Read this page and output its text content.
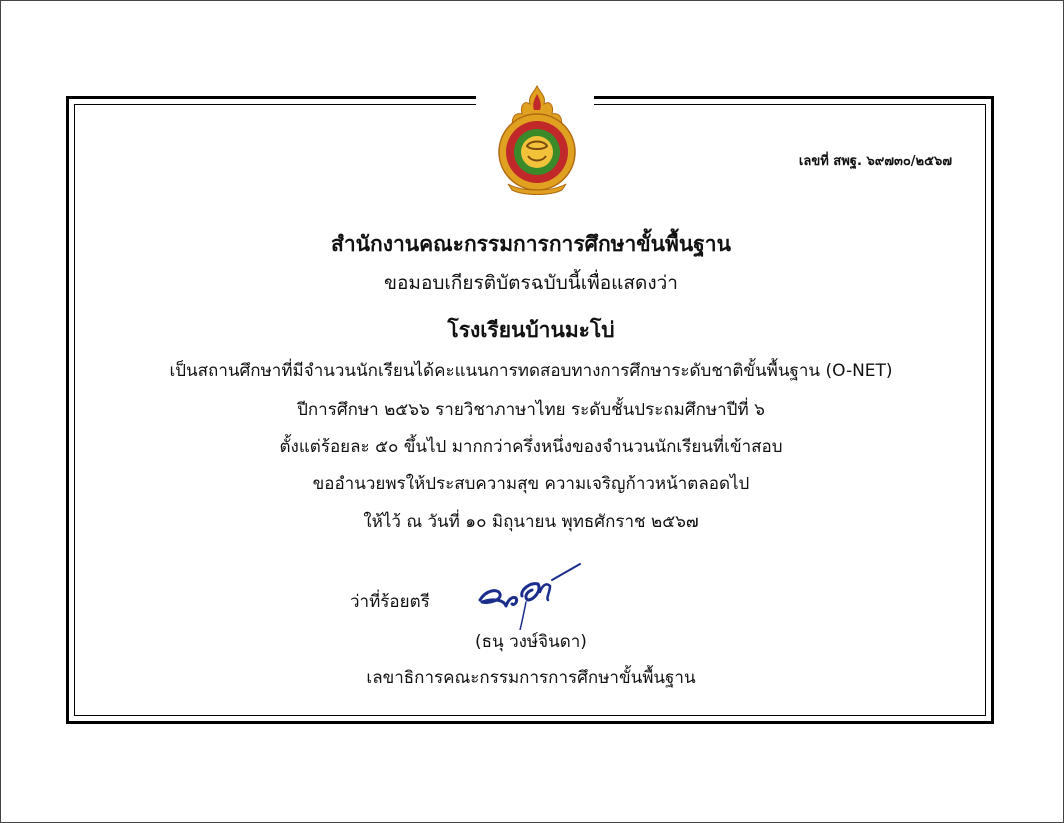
เลขที่ สพฐ. ๖๙๗๓๐/๒๕๖๗
สำนักงานคณะกรรมการการศึกษาขั้นพื้นฐาน
ขอมอบเกียรติบัตรฉบับนี้เพื่อแสดงว่า
โรงเรียนบ้านมะโบ่
เป็นสถานศึกษาที่มีจำนวนนักเรียนได้คะแนนการทดสอบทางการศึกษาระดับชาติขั้นพื้นฐาน (O-NET)
ปีการศึกษา ๒๕๖๖ รายวิชาภาษาไทย ระดับชั้นประถมศึกษาปีที่ ๖
ตั้งแต่ร้อยละ ๕๐ ขึ้นไป มากกว่าครึ่งหนึ่งของจำนวนนักเรียนที่เข้าสอบ
ขออำนวยพรให้ประสบความสุข ความเจริญก้าวหน้าตลอดไป
ให้ไว้ ณ วันที่ ๑๐ มิถุนายน พุทธศักราช ๒๕๖๗
ว่าที่ร้อยตรี
(ธนุ วงษ์จินดา)
เลขาธิการคณะกรรมการการศึกษาขั้นพื้นฐาน
